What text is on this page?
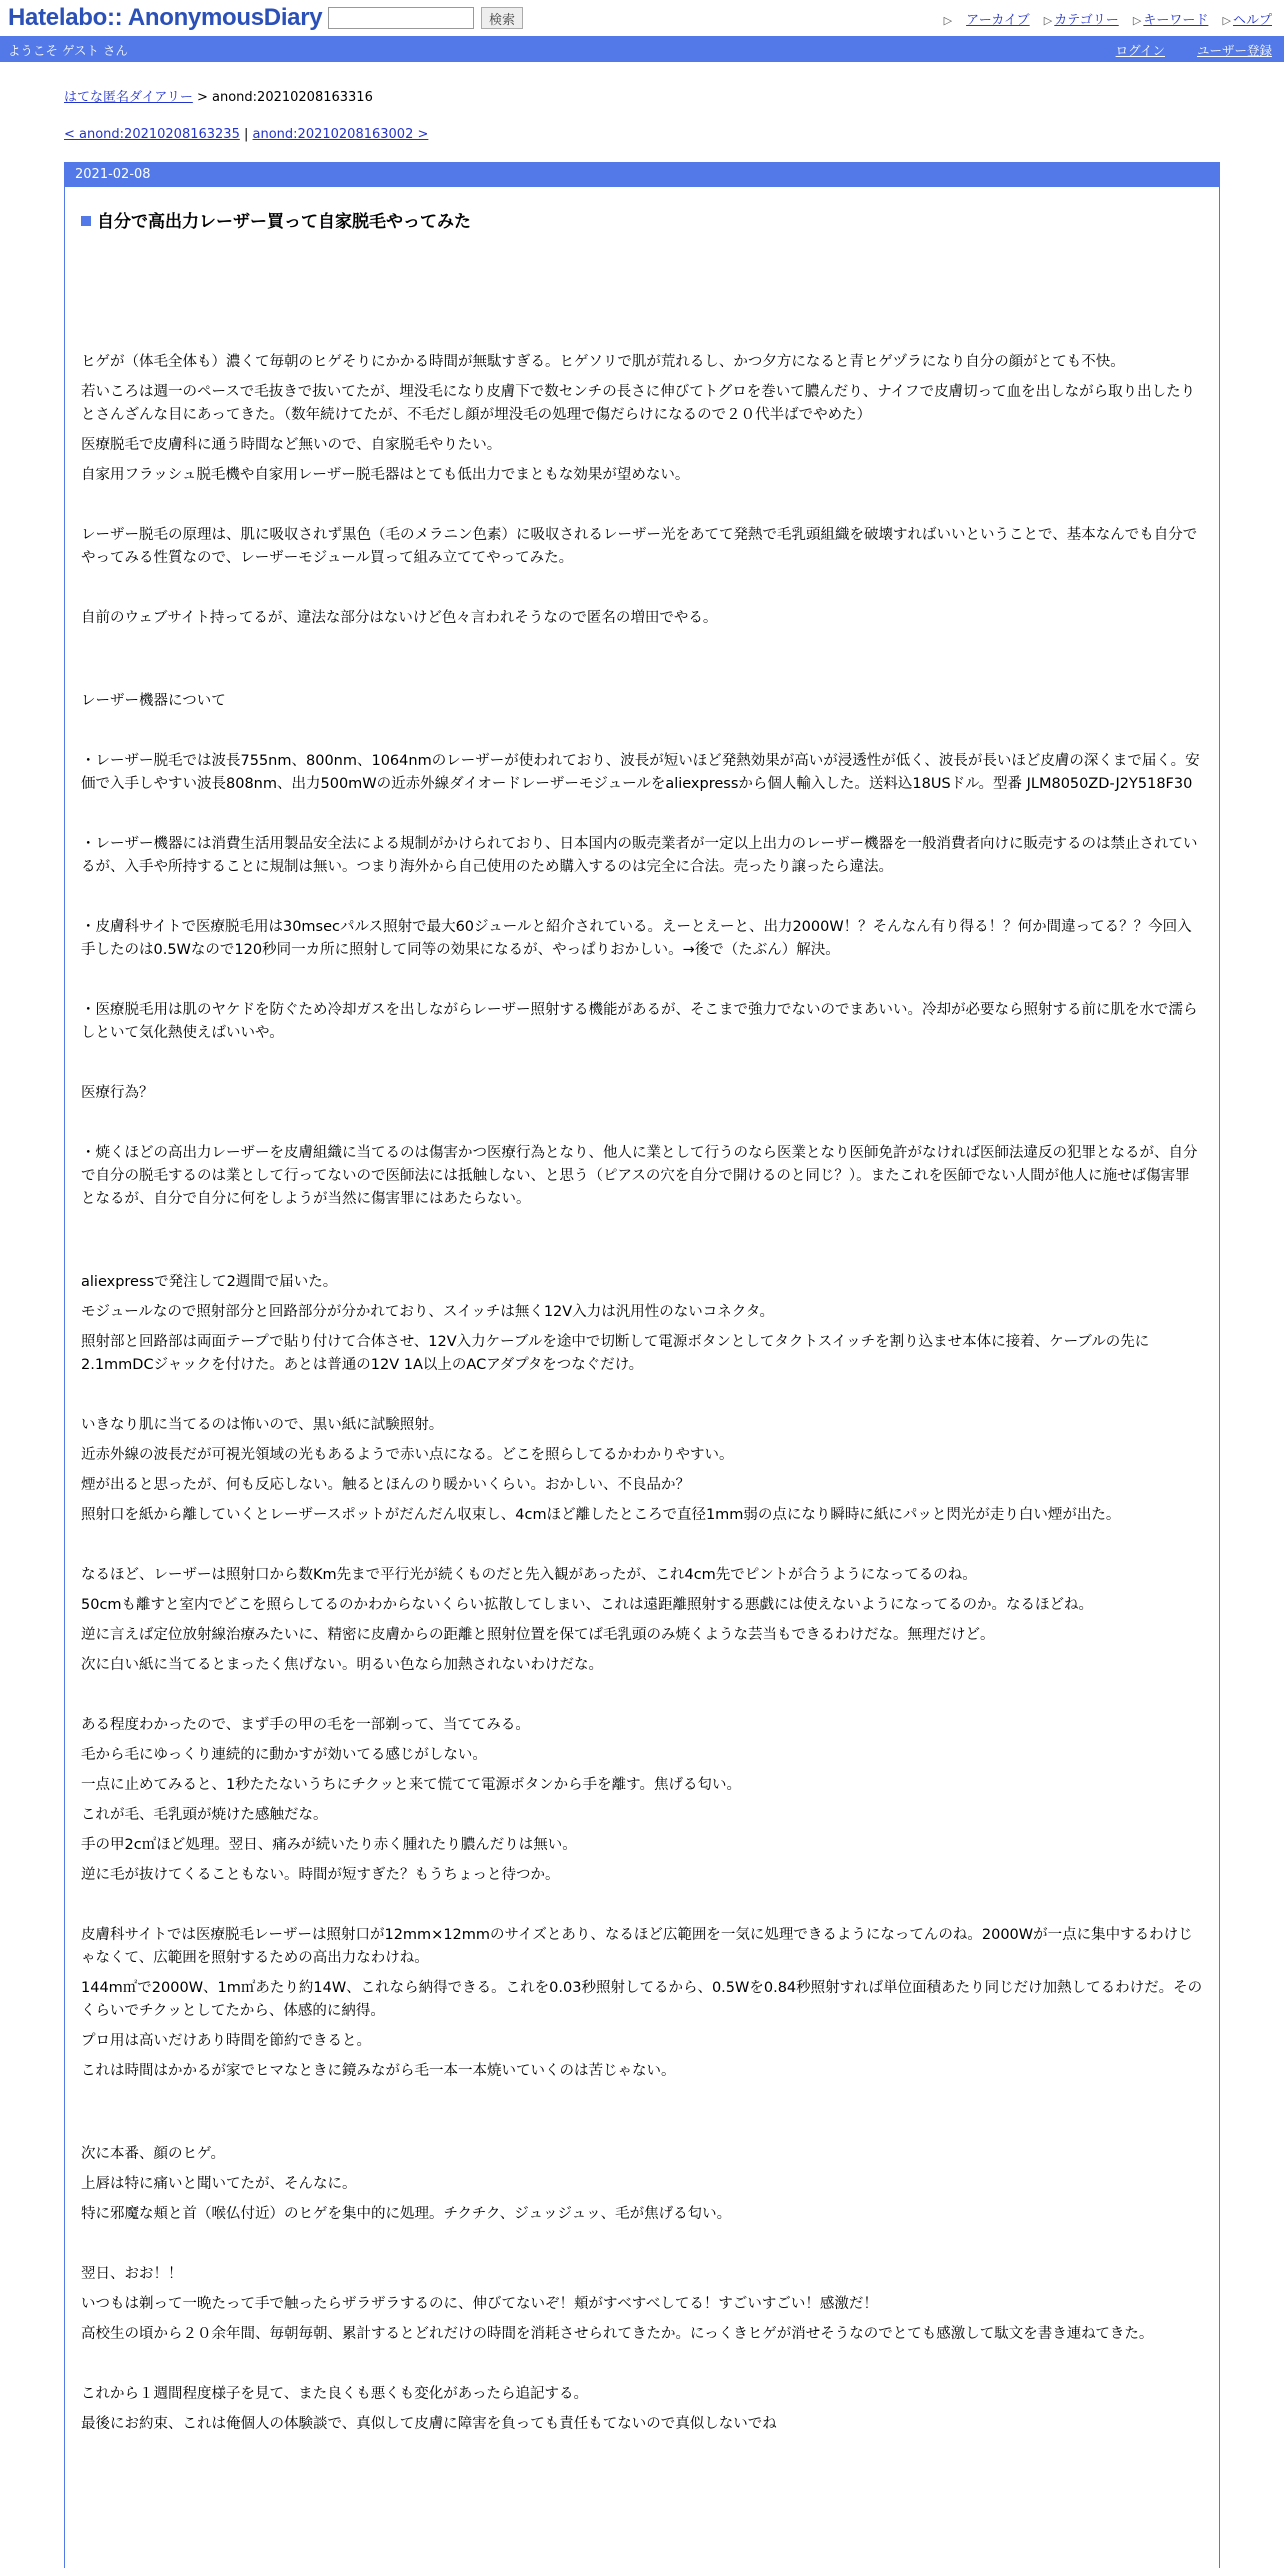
Hatelabo:: AnonymousDiary	検索	▷ アーカイブ ▷ カテゴリー ▷ キーワード ▷ ヘルプ
ようこそ ゲスト さん	ログイン	ユーザー登録
はてな匿名ダイアリー > anond:20210208163316
< anond:20210208163235 | anond:20210208163002 >
2021-02-08
自分で高出力レーザー買って自家脱毛やってみた

ヒゲが（体毛全体も）濃くて毎朝のヒゲそりにかかる時間が無駄すぎる。ヒゲソリで肌が荒れるし、かつ夕方になると青ヒゲヅラになり自分の顔がとても不快。

若いころは週一のペースで毛抜きで抜いてたが、埋没毛になり皮膚下で数センチの長さに伸びてトグロを巻いて膿んだり、ナイフで皮膚切って血を出しながら取り出したりとさんざんな目にあってきた。（数年続けてたが、不毛だし顔が埋没毛の処理で傷だらけになるので２０代半ばでやめた）

医療脱毛で皮膚科に通う時間など無いので、自家脱毛やりたい。

自家用フラッシュ脱毛機や自家用レーザー脱毛器はとても低出力でまともな効果が望めない。

レーザー脱毛の原理は、肌に吸収されず黒色（毛のメラニン色素）に吸収されるレーザー光をあてて発熱で毛乳頭組織を破壊すればいいということで、基本なんでも自分でやってみる性質なので、レーザーモジュール買って組み立ててやってみた。

自前のウェブサイト持ってるが、違法な部分はないけど色々言われそうなので匿名の増田でやる。

レーザー機器について

・レーザー脱毛では波長755nm、800nm、1064nmのレーザーが使われており、波長が短いほど発熱効果が高いが浸透性が低く、波長が長いほど皮膚の深くまで届く。安価で入手しやすい波長808nm、出力500mWの近赤外線ダイオードレーザーモジュールをaliexpressから個人輸入した。送料込18USドル。型番 JLM8050ZD-J2Y518F30

・レーザー機器には消費生活用製品安全法による規制がかけられており、日本国内の販売業者が一定以上出力のレーザー機器を一般消費者向けに販売するのは禁止されているが、入手や所持することに規制は無い。つまり海外から自己使用のため購入するのは完全に合法。売ったり譲ったら違法。

・皮膚科サイトで医療脱毛用は30msecパルス照射で最大60ジュールと紹介されている。えーとえーと、出力2000W！？そんなん有り得る！？何か間違ってる？？今回入手したのは0.5Wなので120秒同一カ所に照射して同等の効果になるが、やっぱりおかしい。→後で（たぶん）解決。

・医療脱毛用は肌のヤケドを防ぐため冷却ガスを出しながらレーザー照射する機能があるが、そこまで強力でないのでまあいい。冷却が必要なら照射する前に肌を水で濡らしといて気化熱使えばいいや。

医療行為？

・焼くほどの高出力レーザーを皮膚組織に当てるのは傷害かつ医療行為となり、他人に業として行うのなら医業となり医師免許がなければ医師法違反の犯罪となるが、自分で自分の脱毛するのは業として行ってないので医師法には抵触しない、と思う（ピアスの穴を自分で開けるのと同じ？）。またこれを医師でない人間が他人に施せば傷害罪となるが、自分で自分に何をしようが当然に傷害罪にはあたらない。

aliexpressで発注して2週間で届いた。

モジュールなので照射部分と回路部分が分かれており、スイッチは無く12V入力は汎用性のないコネクタ。

照射部と回路部は両面テープで貼り付けて合体させ、12V入力ケーブルを途中で切断して電源ボタンとしてタクトスイッチを割り込ませ本体に接着、ケーブルの先に2.1mmDCジャックを付けた。あとは普通の12V 1A以上のACアダプタをつなぐだけ。

いきなり肌に当てるのは怖いので、黒い紙に試験照射。

近赤外線の波長だが可視光領域の光もあるようで赤い点になる。どこを照らしてるかわかりやすい。

煙が出ると思ったが、何も反応しない。触るとほんのり暖かいくらい。おかしい、不良品か？

照射口を紙から離していくとレーザースポットがだんだん収束し、4cmほど離したところで直径1mm弱の点になり瞬時に紙にパッと閃光が走り白い煙が出た。

なるほど、レーザーは照射口から数Km先まで平行光が続くものだと先入観があったが、これ4cm先でピントが合うようになってるのね。

50cmも離すと室内でどこを照らしてるのかわからないくらい拡散してしまい、これは遠距離照射する悪戯には使えないようになってるのか。なるほどね。

逆に言えば定位放射線治療みたいに、精密に皮膚からの距離と照射位置を保てば毛乳頭のみ焼くような芸当もできるわけだな。無理だけど。

次に白い紙に当てるとまったく焦げない。明るい色なら加熱されないわけだな。

ある程度わかったので、まず手の甲の毛を一部剃って、当ててみる。

毛から毛にゆっくり連続的に動かすが効いてる感じがしない。

一点に止めてみると、1秒たたないうちにチクッと来て慌てて電源ボタンから手を離す。焦げる匂い。

これが毛、毛乳頭が焼けた感触だな。

手の甲2c㎡ほど処理。翌日、痛みが続いたり赤く腫れたり膿んだりは無い。

逆に毛が抜けてくることもない。時間が短すぎた？もうちょっと待つか。

皮膚科サイトでは医療脱毛レーザーは照射口が12mm×12mmのサイズとあり、なるほど広範囲を一気に処理できるようになってんのね。2000Wが一点に集中するわけじゃなくて、広範囲を照射するための高出力なわけね。

144m㎡で2000W、1m㎡あたり約14W、これなら納得できる。これを0.03秒照射してるから、0.5Wを0.84秒照射すれば単位面積あたり同じだけ加熱してるわけだ。そのくらいでチクッとしてたから、体感的に納得。

プロ用は高いだけあり時間を節約できると。

これは時間はかかるが家でヒマなときに鏡みながら毛一本一本焼いていくのは苦じゃない。

次に本番、顔のヒゲ。

上唇は特に痛いと聞いてたが、そんなに。

特に邪魔な頬と首（喉仏付近）のヒゲを集中的に処理。チクチク、ジュッジュッ、毛が焦げる匂い。

翌日、おお！！

いつもは剃って一晩たって手で触ったらザラザラするのに、伸びてないぞ！頬がすべすべしてる！すごいすごい！感激だ！

高校生の頃から２０余年間、毎朝毎朝、累計するとどれだけの時間を消耗させられてきたか。にっくきヒゲが消せそうなのでとても感激して駄文を書き連ねてきた。

これから１週間程度様子を見て、また良くも悪くも変化があったら追記する。

最後にお約束、これは俺個人の体験談で、真似して皮膚に障害を負っても責任もてないので真似しないでね
